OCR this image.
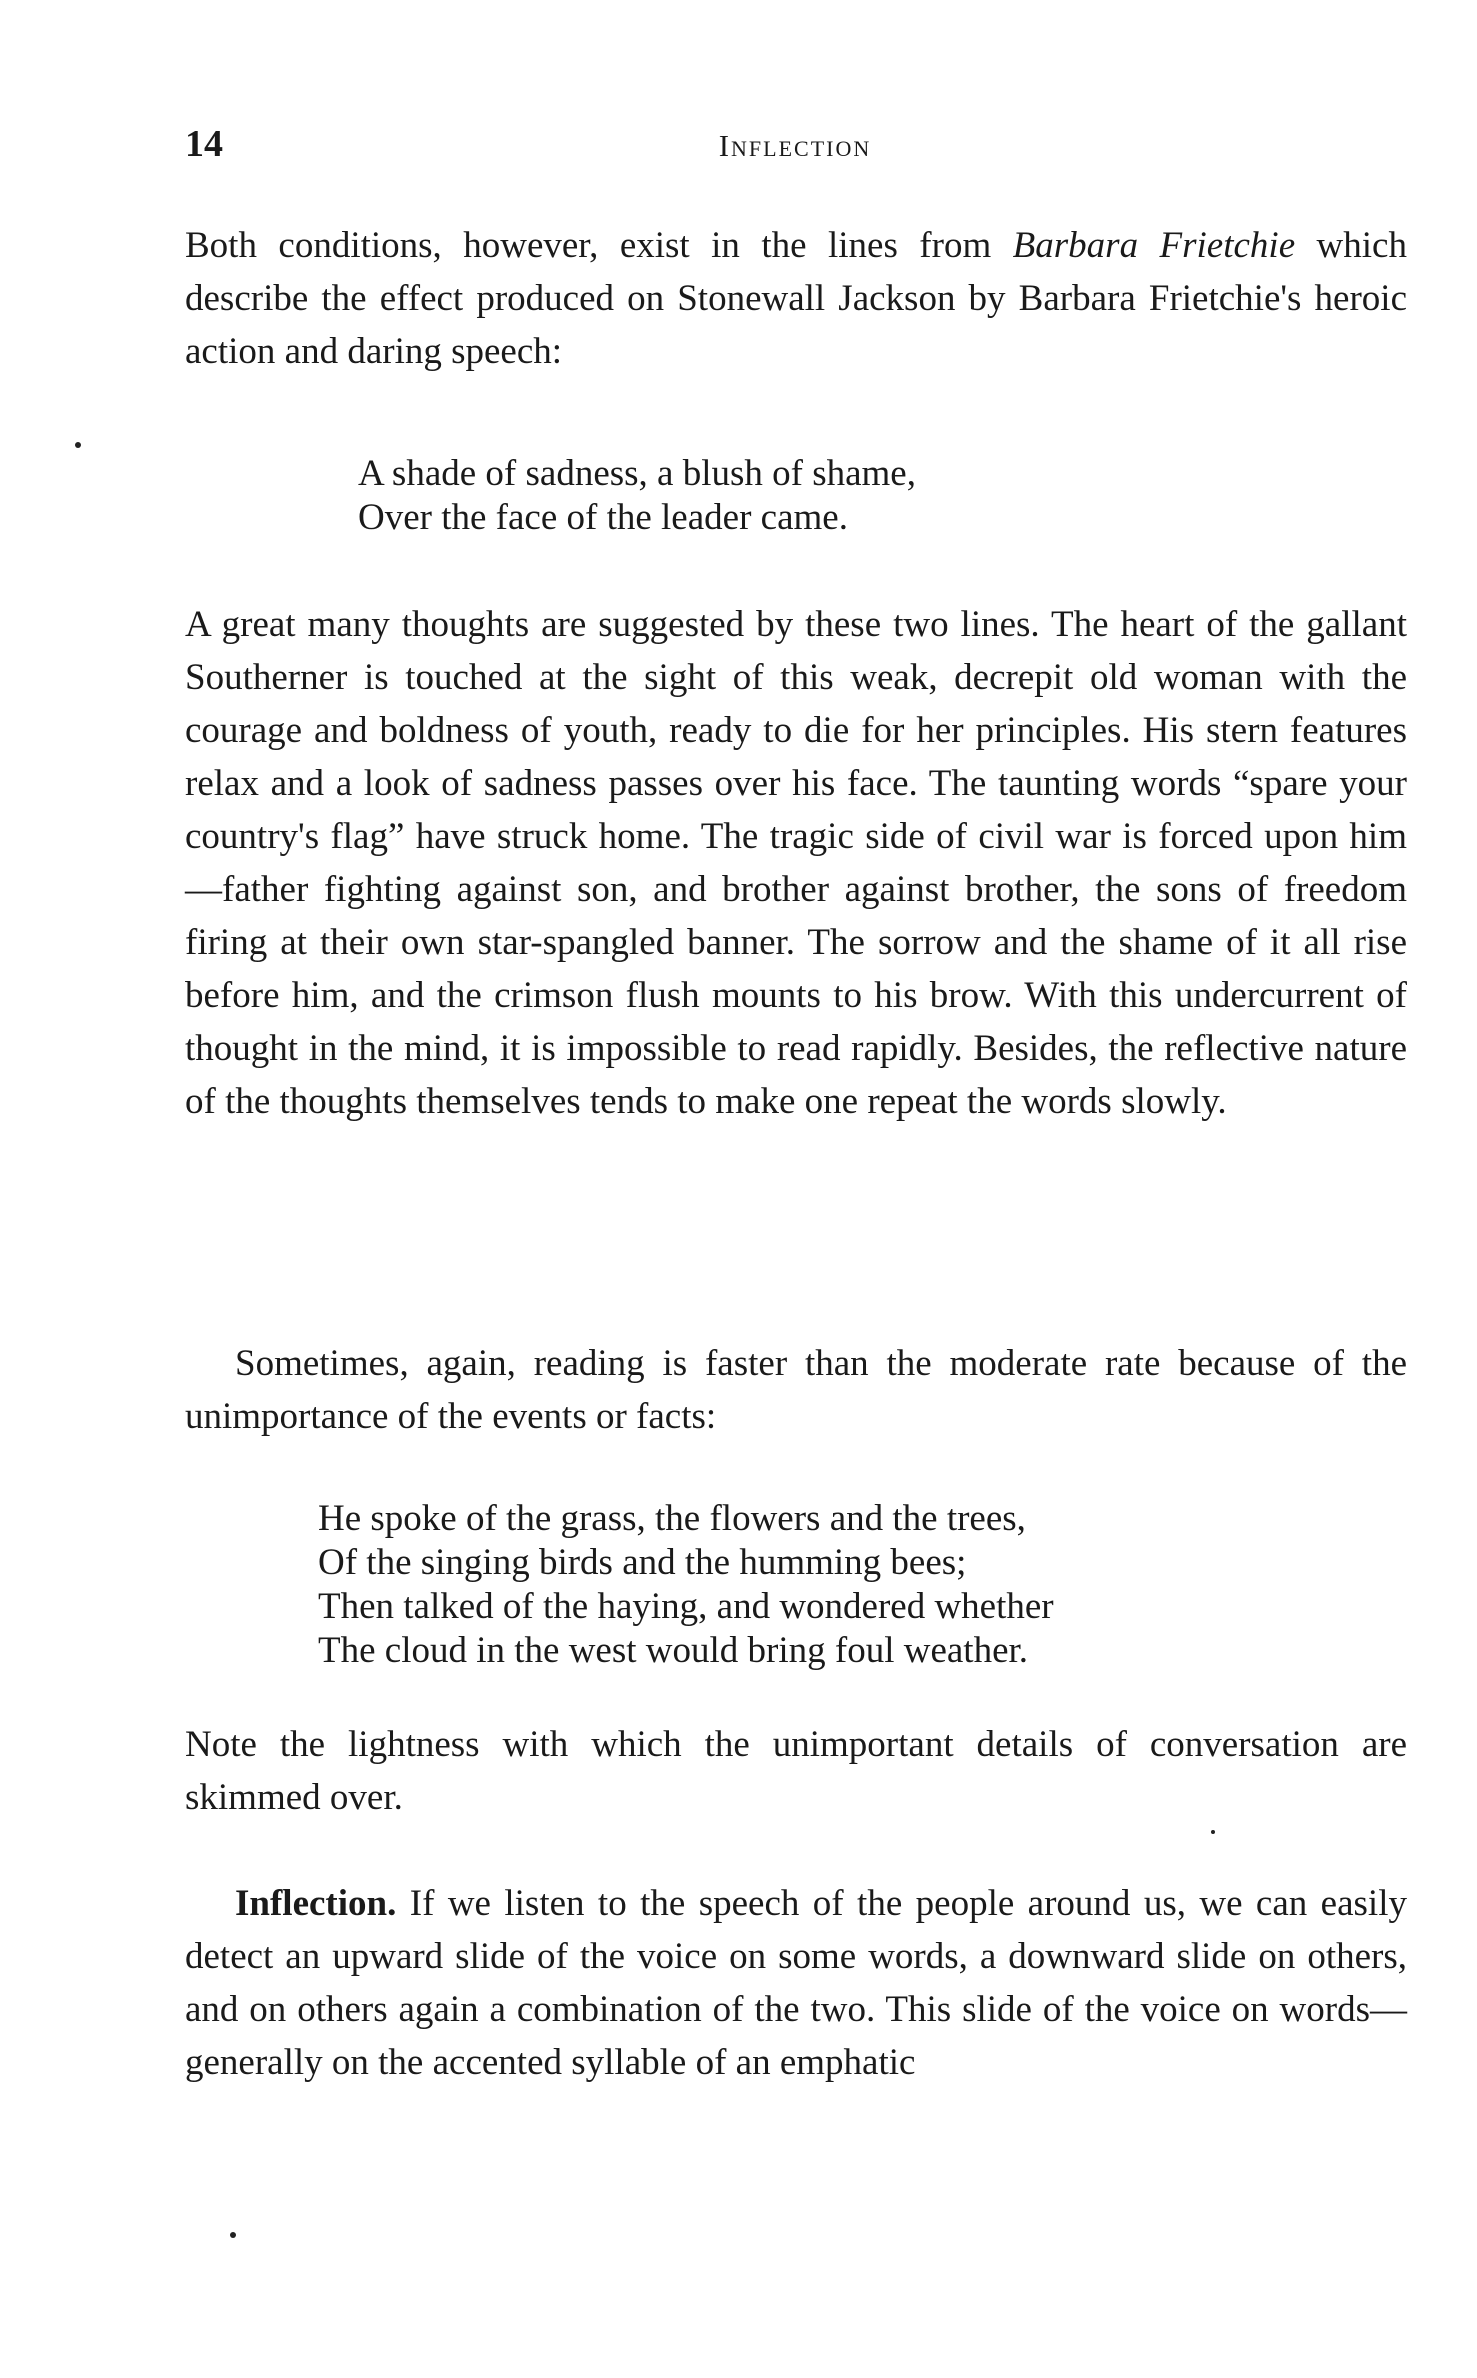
14	Inflection

Both conditions, however, exist in the lines from Barbara Frietchie which describe the effect produced on Stonewall Jackson by Barbara Frietchie's heroic action and daring speech:

A shade of sadness, a blush of shame,
Over the face of the leader came.

A great many thoughts are suggested by these two lines. The heart of the gallant Southerner is touched at the sight of this weak, decrepit old woman with the courage and boldness of youth, ready to die for her principles. His stern features relax and a look of sadness passes over his face. The taunting words “spare your country's flag” have struck home. The tragic side of civil war is forced upon him—father fighting against son, and brother against brother, the sons of freedom firing at their own star-spangled banner. The sorrow and the shame of it all rise before him, and the crimson flush mounts to his brow. With this undercurrent of thought in the mind, it is impossible to read rapidly. Besides, the reflective nature of the thoughts themselves tends to make one repeat the words slowly.

Sometimes, again, reading is faster than the moderate rate because of the unimportance of the events or facts:

He spoke of the grass, the flowers and the trees,
Of the singing birds and the humming bees;
Then talked of the haying, and wondered whether
The cloud in the west would bring foul weather.

Note the lightness with which the unimportant details of conversation are skimmed over.

Inflection. If we listen to the speech of the people around us, we can easily detect an upward slide of the voice on some words, a downward slide on others, and on others again a combination of the two. This slide of the voice on words—generally on the accented syllable of an emphatic
